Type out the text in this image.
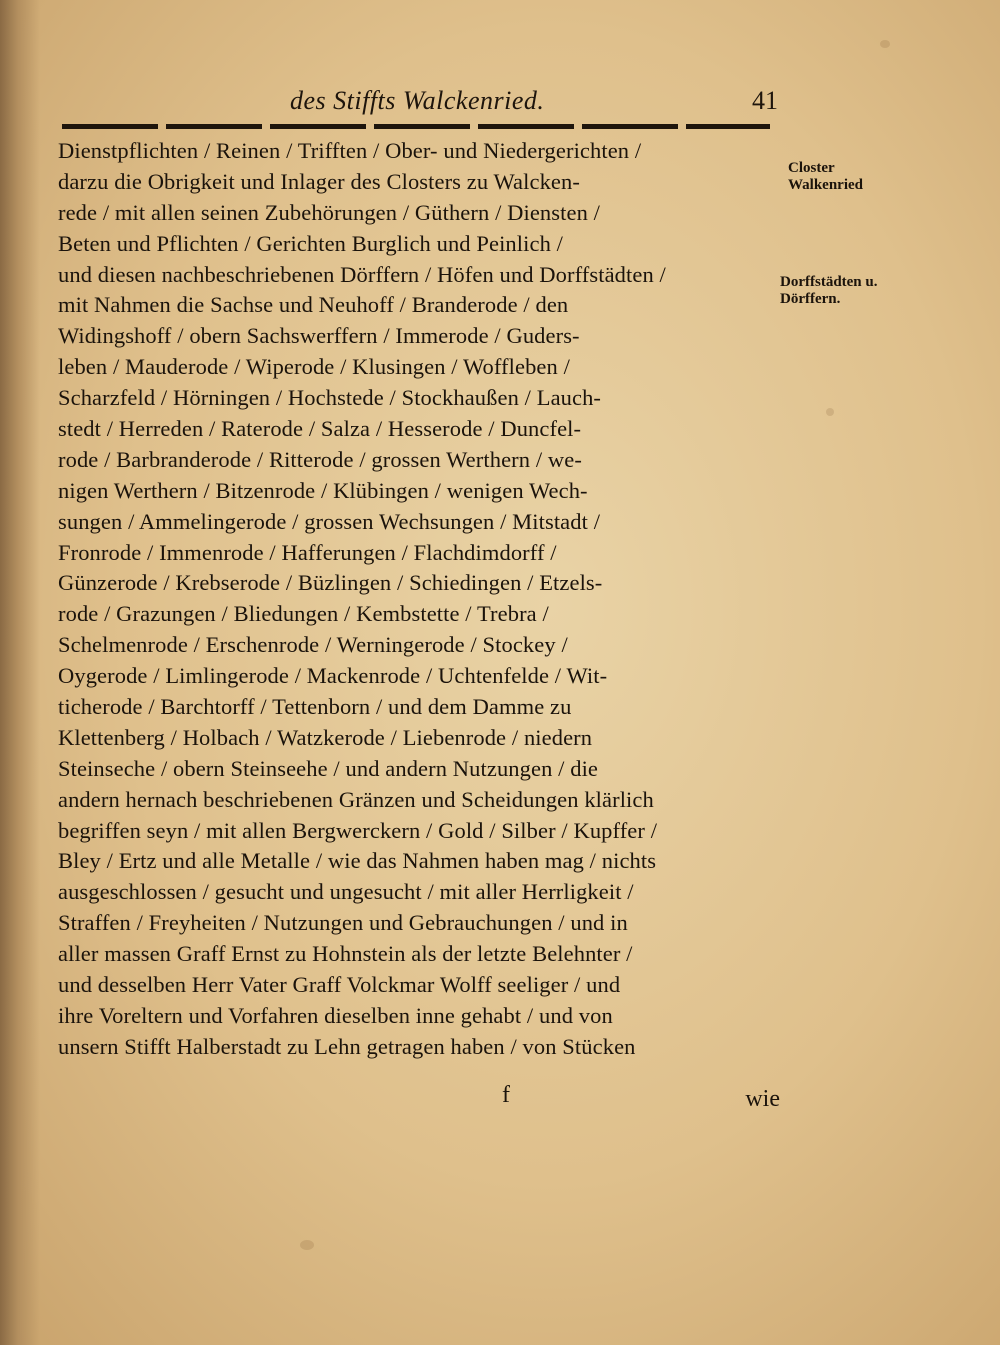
des Stiffts Walckenried.	41
Dienstpflichten / Reinen / Trifften / Ober- und Niedergerichten /
darzu die Obrigkeit und Inlager des Closters zu Walcken-
rede / mit allen seinen Zubehörungen / Güthern / Diensten /
Beten und Pflichten / Gerichten Burglich und Peinlich /
und diesen nachbeschriebenen Dörffern / Höfen und Dorffstädten /
mit Nahmen die Sachse und Neuhoff / Branderode / den
Widingshoff / obern Sachswerffern / Immerode / Guders-
leben / Mauderode / Wiperode / Klusingen / Woffleben /
Scharzfeld / Hörningen / Hochstede / Stockhaußen / Lauch-
stedt / Herreden / Raterode / Salza / Hesserode / Duncfel-
rode / Barbranderode / Ritterode / grossen Werthern / we-
nigen Werthern / Bitzenrode / Klübingen / wenigen Wech-
sungen / Ammelingerode / grossen Wechsungen / Mitstadt /
Fronrode / Immenrode / Hafferungen / Flachdimdorff /
Günzerode / Krebserode / Büzlingen / Schiedingen / Etzels-
rode / Grazungen / Bliedungen / Kembstette / Trebra /
Schelmenrode / Erschenrode / Werningerode / Stockey /
Oygerode / Limlingerode / Mackenrode / Uchtenfelde / Wit-
ticherode / Barchtorff / Tettenborn / und dem Damme zu
Klettenberg / Holbach / Watzkerode / Liebenrode / niedern
Steinseche / obern Steinseehe / und andern Nutzungen / die
andern hernach beschriebenen Gränzen und Scheidungen klärlich
begriffen seyn / mit allen Bergwerckern / Gold / Silber / Kupffer /
Bley / Ertz und alle Metalle / wie das Nahmen haben mag / nichts
ausgeschlossen / gesucht und ungesucht / mit aller Herrligkeit /
Straffen / Freyheiten / Nutzungen und Gebrauchungen / und in
aller massen Graff Ernst zu Hohnstein als der letzte Belehnter /
und desselben Herr Vater Graff Volckmar Wolff seeliger / und
ihre Voreltern und Vorfahren dieselben inne gehabt / und von
unsern Stifft Halberstadt zu Lehn getragen haben / von Stücken
Closter Walkenried
Dorffstädten u. Dörffern.
f	wie
